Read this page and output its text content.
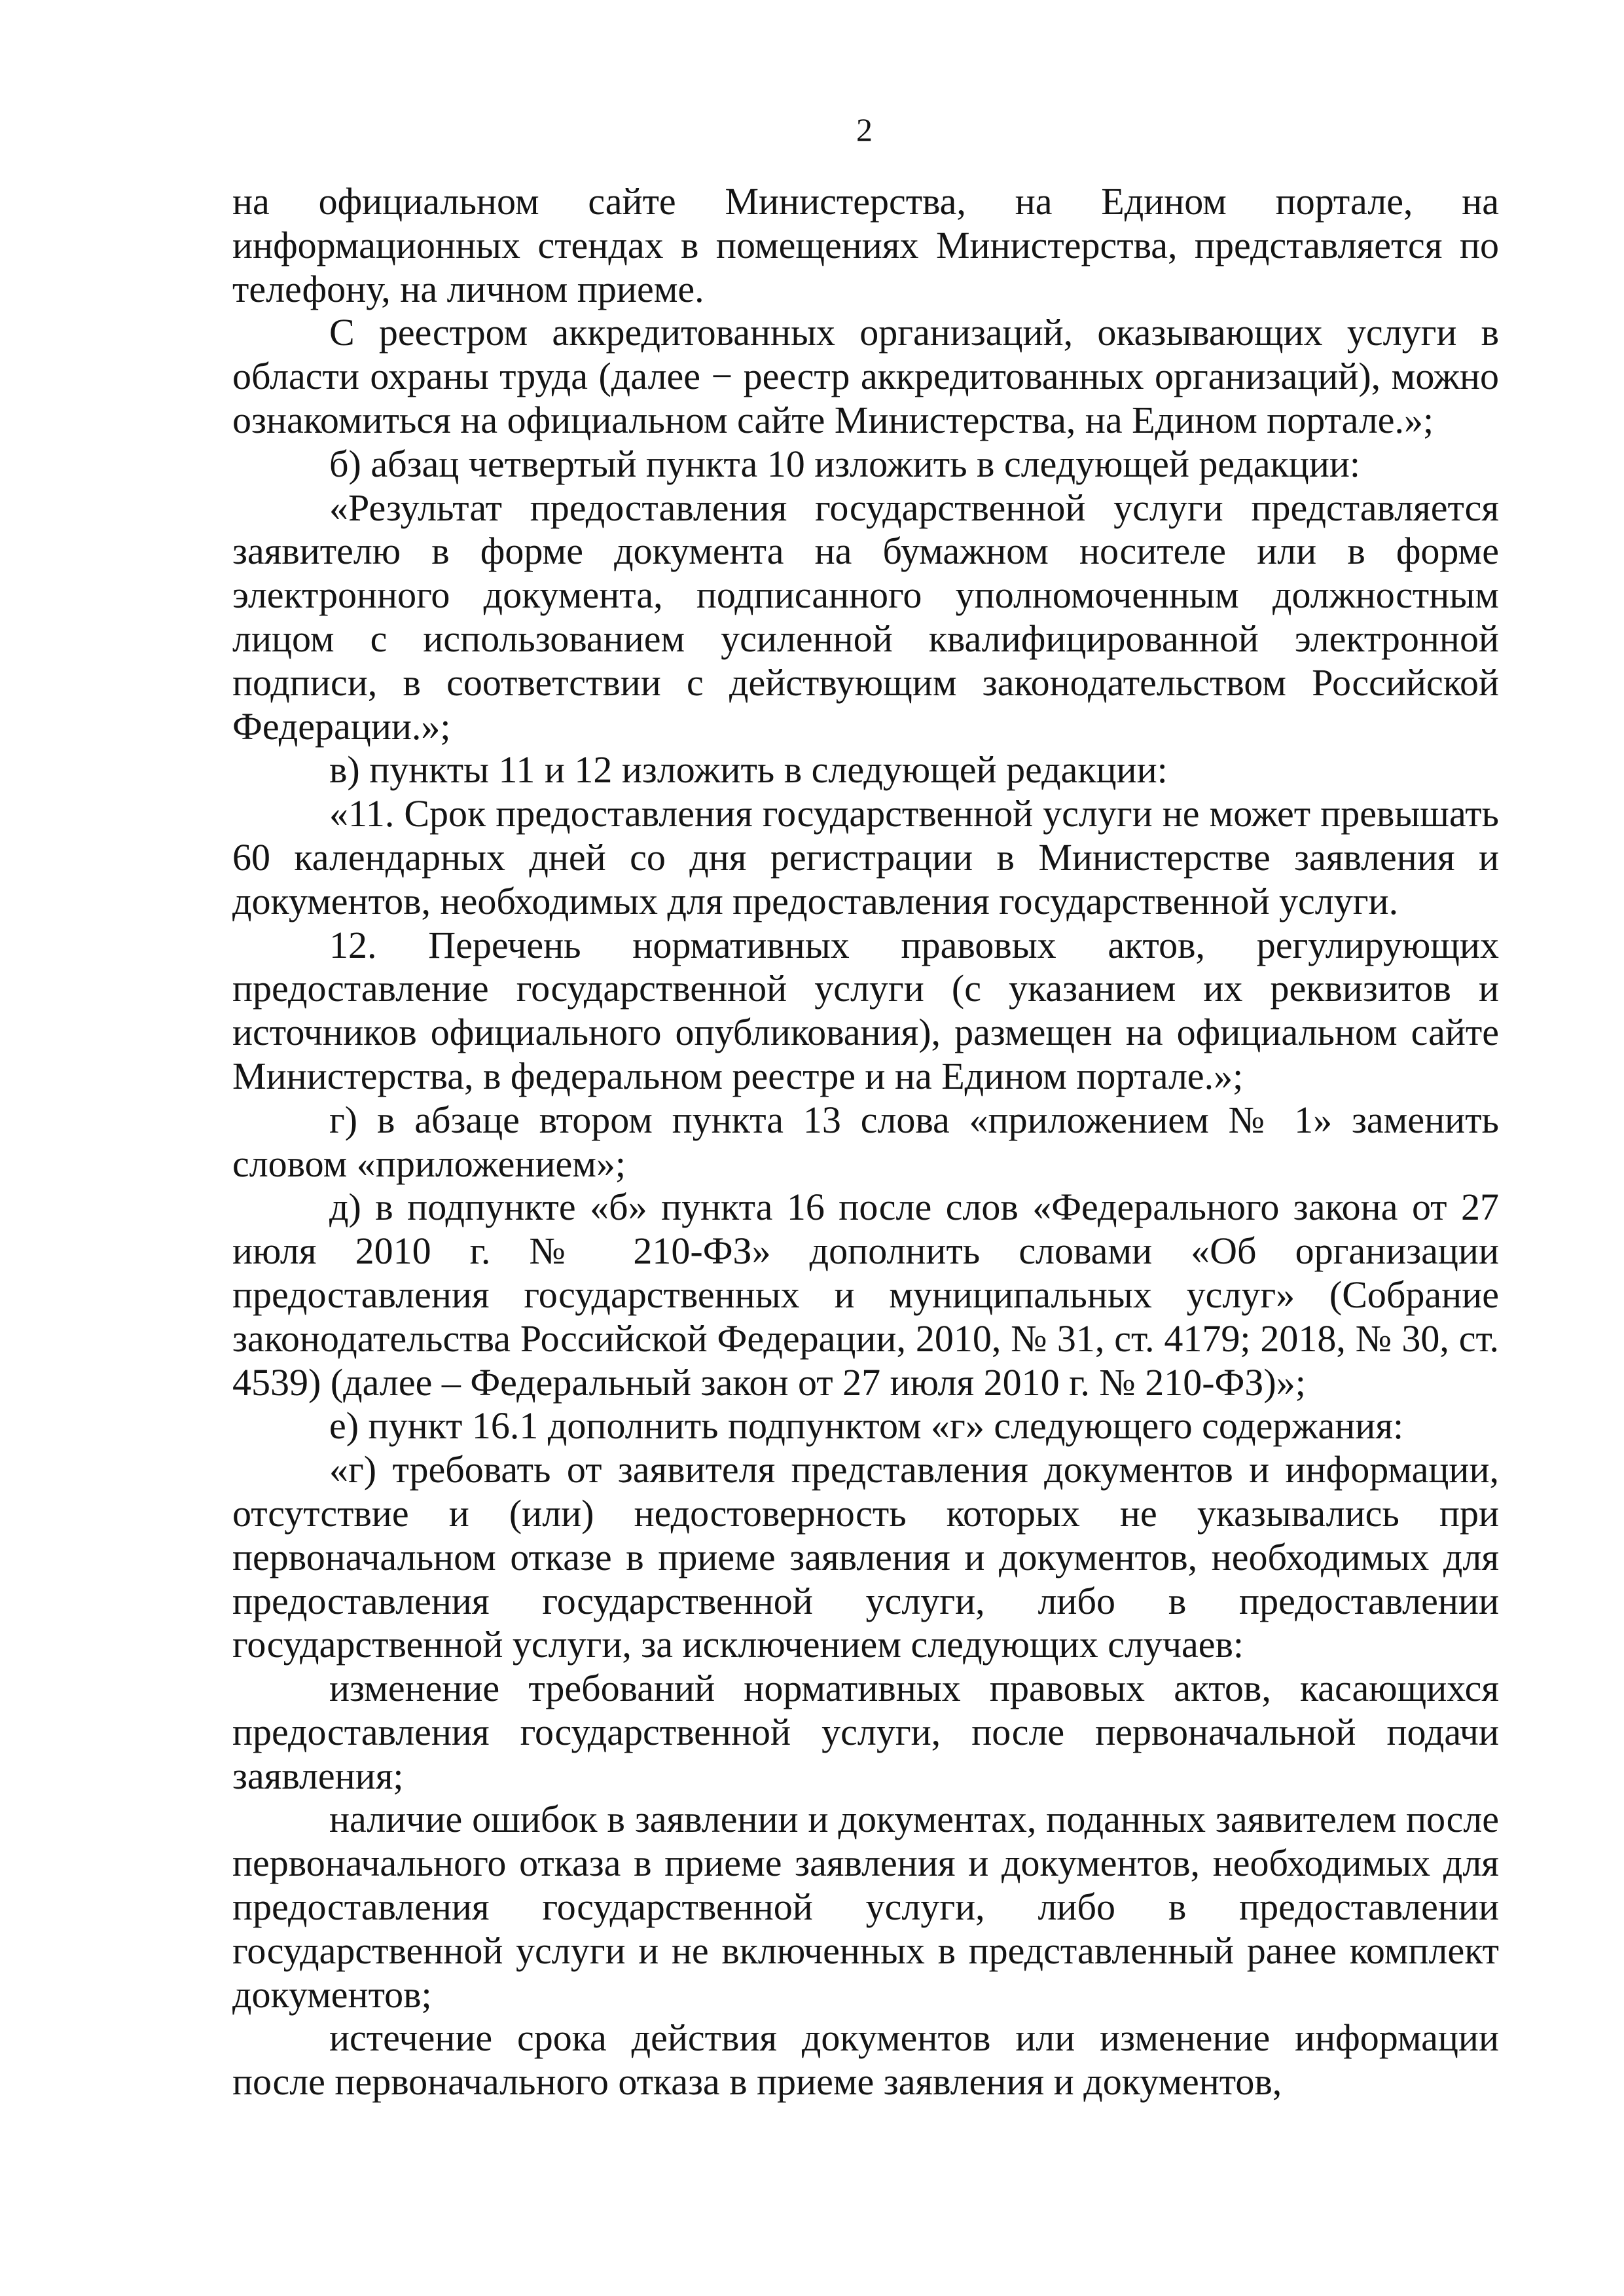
2

на официальном сайте Министерства, на Едином портале, на информационных стендах в помещениях Министерства, представляется по телефону, на личном приеме.

С реестром аккредитованных организаций, оказывающих услуги в области охраны труда (далее − реестр аккредитованных организаций), можно ознакомиться на официальном сайте Министерства, на Едином портале.»;

б) абзац четвертый пункта 10 изложить в следующей редакции:

«Результат предоставления государственной услуги представляется заявителю в форме документа на бумажном носителе или в форме электронного документа, подписанного уполномоченным должностным лицом с использованием усиленной квалифицированной электронной подписи, в соответствии с действующим законодательством Российской Федерации.»;

в) пункты 11 и 12 изложить в следующей редакции:

«11. Срок предоставления государственной услуги не может превышать 60 календарных дней со дня регистрации в Министерстве заявления и документов, необходимых для предоставления государственной услуги.

12. Перечень нормативных правовых актов, регулирующих предоставление государственной услуги (с указанием их реквизитов и источников официального опубликования), размещен на официальном сайте Министерства, в федеральном реестре и на Едином портале.»;

г) в абзаце втором пункта 13 слова «приложением № 1» заменить словом «приложением»;

д) в подпункте «б» пункта 16 после слов «Федерального закона от 27 июля 2010 г. № 210-ФЗ» дополнить словами «Об организации предоставления государственных и муниципальных услуг» (Собрание законодательства Российской Федерации, 2010, № 31, ст. 4179; 2018, № 30, ст. 4539) (далее – Федеральный закон от 27 июля 2010 г. № 210-ФЗ)»;

е) пункт 16.1 дополнить подпунктом «г» следующего содержания:

«г) требовать от заявителя представления документов и информации, отсутствие и (или) недостоверность которых не указывались при первоначальном отказе в приеме заявления и документов, необходимых для предоставления государственной услуги, либо в предоставлении государственной услуги, за исключением следующих случаев:

изменение требований нормативных правовых актов, касающихся предоставления государственной услуги, после первоначальной подачи заявления;

наличие ошибок в заявлении и документах, поданных заявителем после первоначального отказа в приеме заявления и документов, необходимых для предоставления государственной услуги, либо в предоставлении государственной услуги и не включенных в представленный ранее комплект документов;

истечение срока действия документов или изменение информации после первоначального отказа в приеме заявления и документов,
